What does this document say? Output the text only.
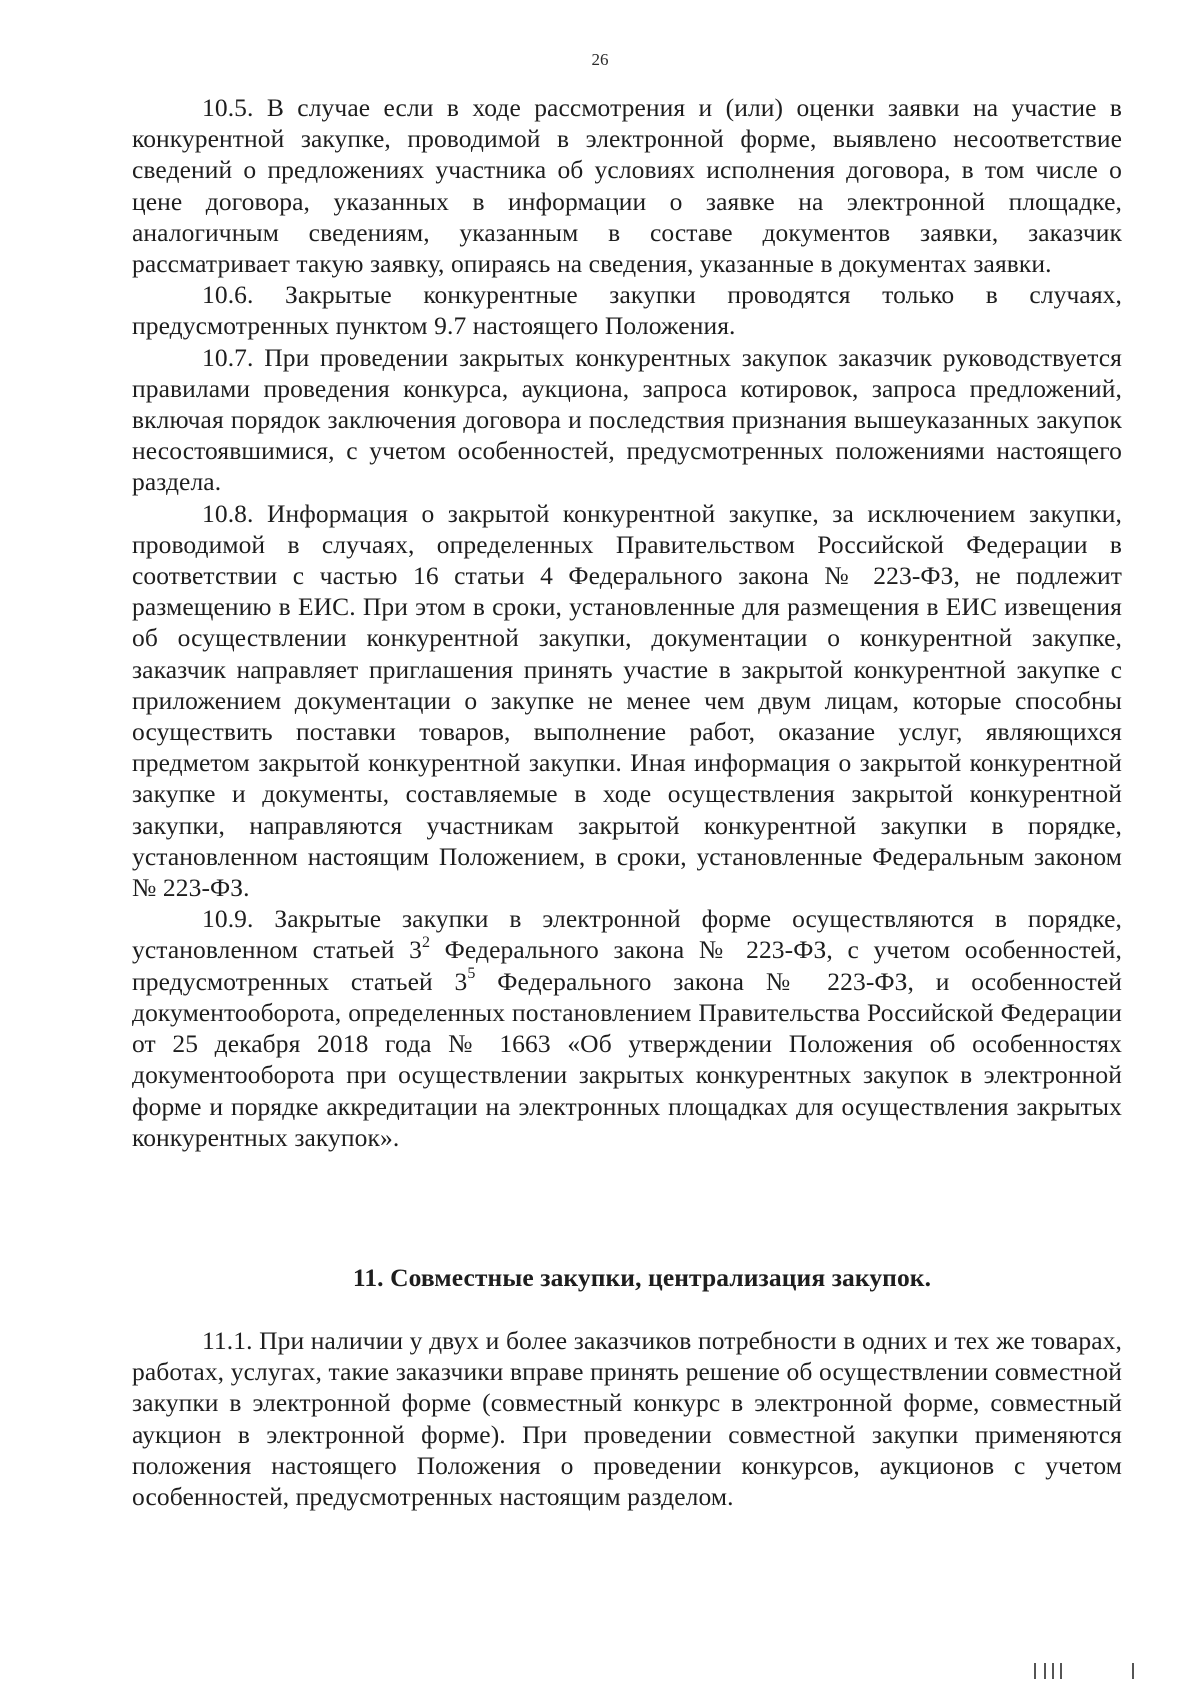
26

10.5. В случае если в ходе рассмотрения и (или) оценки заявки на участие в конкурентной закупке, проводимой в электронной форме, выявлено несоответствие сведений о предложениях участника об условиях исполнения договора, в том числе о цене договора, указанных в информации о заявке на электронной площадке, аналогичным сведениям, указанным в составе документов заявки, заказчик рассматривает такую заявку, опираясь на сведения, указанные в документах заявки.

10.6. Закрытые конкурентные закупки проводятся только в случаях, предусмотренных пунктом 9.7 настоящего Положения.

10.7. При проведении закрытых конкурентных закупок заказчик руководствуется правилами проведения конкурса, аукциона, запроса котировок, запроса предложений, включая порядок заключения договора и последствия признания вышеуказанных закупок несостоявшимися, с учетом особенностей, предусмотренных положениями настоящего раздела.

10.8. Информация о закрытой конкурентной закупке, за исключением закупки, проводимой в случаях, определенных Правительством Российской Федерации в соответствии с частью 16 статьи 4 Федерального закона № 223-ФЗ, не подлежит размещению в ЕИС. При этом в сроки, установленные для размещения в ЕИС извещения об осуществлении конкурентной закупки, документации о конкурентной закупке, заказчик направляет приглашения принять участие в закрытой конкурентной закупке с приложением документации о закупке не менее чем двум лицам, которые способны осуществить поставки товаров, выполнение работ, оказание услуг, являющихся предметом закрытой конкурентной закупки. Иная информация о закрытой конкурентной закупке и документы, составляемые в ходе осуществления закрытой конкурентной закупки, направляются участникам закрытой конкурентной закупки в порядке, установленном настоящим Положением, в сроки, установленные Федеральным законом № 223-ФЗ.

10.9. Закрытые закупки в электронной форме осуществляются в порядке, установленном статьей $3^2$ Федерального закона № 223-ФЗ, с учетом особенностей, предусмотренных статьей $3^5$ Федерального закона № 223-ФЗ, и особенностей документооборота, определенных постановлением Правительства Российской Федерации от 25 декабря 2018 года № 1663 «Об утверждении Положения об особенностях документооборота при осуществлении закрытых конкурентных закупок в электронной форме и порядке аккредитации на электронных площадках для осуществления закрытых конкурентных закупок».

11. Совместные закупки, централизация закупок.

11.1. При наличии у двух и более заказчиков потребности в одних и тех же товарах, работах, услугах, такие заказчики вправе принять решение об осуществлении совместной закупки в электронной форме (совместный конкурс в электронной форме, совместный аукцион в электронной форме). При проведении совместной закупки применяются положения настоящего Положения о проведении конкурсов, аукционов с учетом особенностей, предусмотренных настоящим разделом.
